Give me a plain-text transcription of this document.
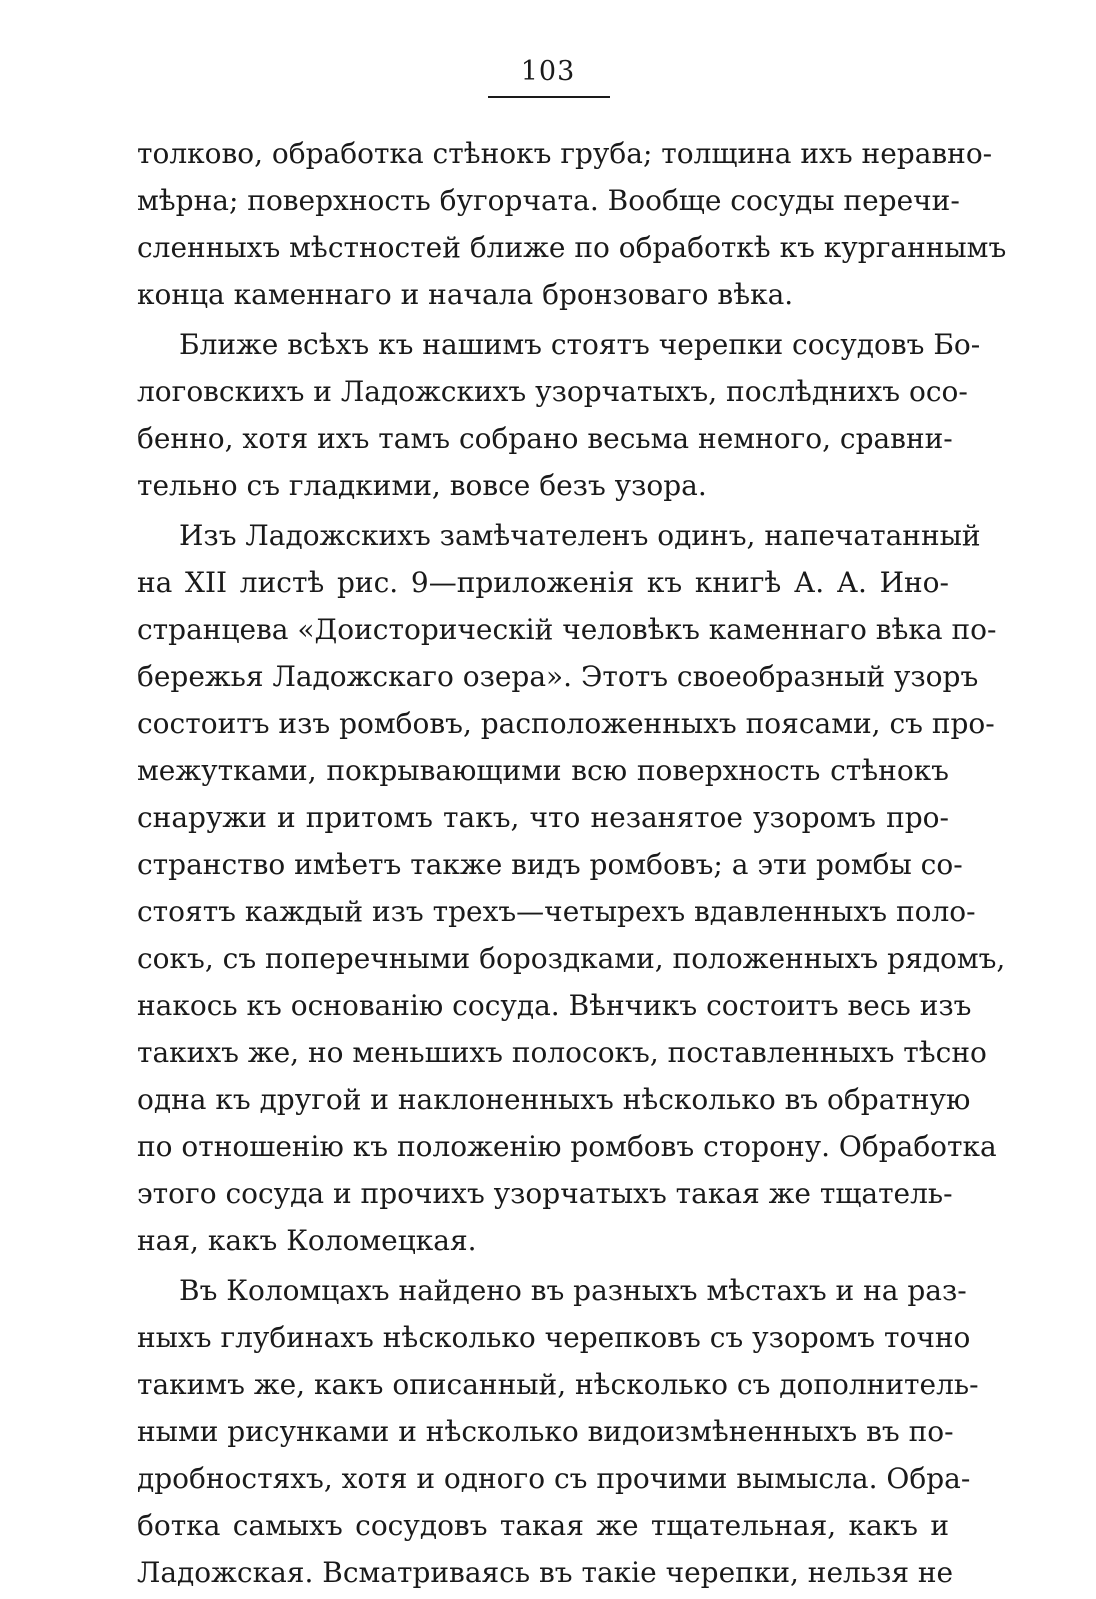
103
толково, обработка стѣнокъ груба; толщина ихъ неравно-
мѣрна; поверхность бугорчата. Вообще сосуды перечи-
сленныхъ мѣстностей ближе по обработкѣ къ курганнымъ
конца каменнаго и начала бронзоваго вѣка.
Ближе всѣхъ къ нашимъ стоятъ черепки сосудовъ Бо-
логовскихъ и Ладожскихъ узорчатыхъ, послѣднихъ осо-
бенно, хотя ихъ тамъ собрано весьма немного, сравни-
тельно съ гладкими, вовсе безъ узора.
Изъ Ладожскихъ замѣчателенъ одинъ, напечатанный
на XII листѣ рис. 9—приложенія къ книгѣ А. А. Ино-
странцева «Доисторическій человѣкъ каменнаго вѣка по-
бережья Ладожскаго озера». Этотъ своеобразный узоръ
состоитъ изъ ромбовъ, расположенныхъ поясами, съ про-
межутками, покрывающими всю поверхность стѣнокъ
снаружи и притомъ такъ, что незанятое узоромъ про-
странство имѣетъ также видъ ромбовъ; а эти ромбы со-
стоятъ каждый изъ трехъ—четырехъ вдавленныхъ поло-
сокъ, съ поперечными бороздками, положенныхъ рядомъ,
накось къ основанію сосуда. Вѣнчикъ состоитъ весь изъ
такихъ же, но меньшихъ полосокъ, поставленныхъ тѣсно
одна къ другой и наклоненныхъ нѣсколько въ обратную
по отношенію къ положенію ромбовъ сторону. Обработка
этого сосуда и прочихъ узорчатыхъ такая же тщатель-
ная, какъ Коломецкая.
Въ Коломцахъ найдено въ разныхъ мѣстахъ и на раз-
ныхъ глубинахъ нѣсколько черепковъ съ узоромъ точно
такимъ же, какъ описанный, нѣсколько съ дополнитель-
ными рисунками и нѣсколько видоизмѣненныхъ въ по-
дробностяхъ, хотя и одного съ прочими вымысла. Обра-
ботка самыхъ сосудовъ такая же тщательная, какъ и
Ладожская. Всматриваясь въ такіе черепки, нельзя не
